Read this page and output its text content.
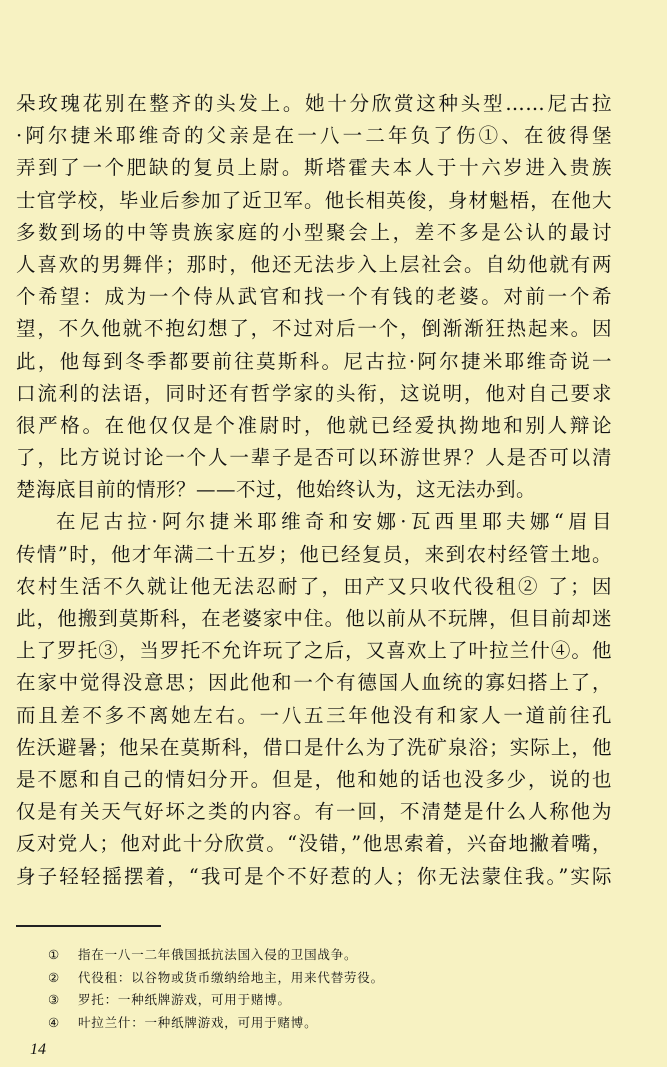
朵玫瑰花别在整齐的头发上。她十分欣赏这种头型……尼古拉
·阿尔捷米耶维奇的父亲是在一八一二年负了伤①、在彼得堡
弄到了一个肥缺的复员上尉。斯塔霍夫本人于十六岁进入贵族
士官学校，毕业后参加了近卫军。他长相英俊，身材魁梧，在他大
多数到场的中等贵族家庭的小型聚会上，差不多是公认的最讨
人喜欢的男舞伴；那时，他还无法步入上层社会。自幼他就有两
个希望：成为一个侍从武官和找一个有钱的老婆。对前一个希
望，不久他就不抱幻想了，不过对后一个，倒渐渐狂热起来。因
此，他每到冬季都要前往莫斯科。尼古拉·阿尔捷米耶维奇说一
口流利的法语，同时还有哲学家的头衔，这说明，他对自己要求
很严格。在他仅仅是个准尉时，他就已经爱执拗地和别人辩论
了，比方说讨论一个人一辈子是否可以环游世界？人是否可以清
楚海底目前的情形？——不过，他始终认为，这无法办到。
在尼古拉·阿尔捷米耶维奇和安娜·瓦西里耶夫娜“眉目
传情”时，他才年满二十五岁；他已经复员，来到农村经管土地。
农村生活不久就让他无法忍耐了，田产又只收代役租② 了；因
此，他搬到莫斯科，在老婆家中住。他以前从不玩牌，但目前却迷
上了罗托③，当罗托不允许玩了之后，又喜欢上了叶拉兰什④。他
在家中觉得没意思；因此他和一个有德国人血统的寡妇搭上了，
而且差不多不离她左右。一八五三年他没有和家人一道前往孔
佐沃避暑；他呆在莫斯科，借口是什么为了洗矿泉浴；实际上，他
是不愿和自己的情妇分开。但是，他和她的话也没多少，说的也
仅是有关天气好坏之类的内容。有一回，不清楚是什么人称他为
反对党人；他对此十分欣赏。“没错，”他思索着，兴奋地撇着嘴，
身子轻轻摇摆着，“我可是个不好惹的人；你无法蒙住我。”实际
①	指在一八一二年俄国抵抗法国入侵的卫国战争。
②	代役租：以谷物或货币缴纳给地主，用来代替劳役。
③	罗托：一种纸牌游戏，可用于赌博。
④	叶拉兰什：一种纸牌游戏，可用于赌博。
14
